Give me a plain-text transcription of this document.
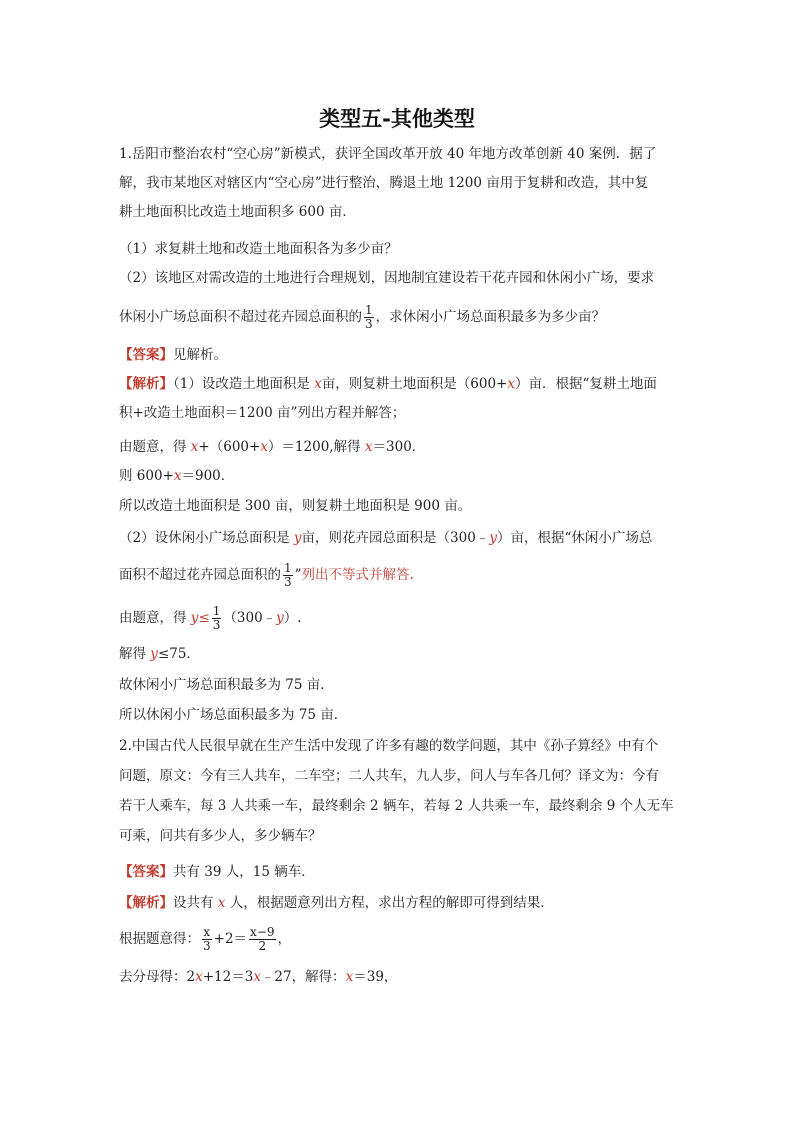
类型五-其他类型
1.岳阳市整治农村“空心房”新模式，获评全国改革开放 40 年地方改革创新 40 案例．据了
解，我市某地区对辖区内“空心房”进行整治，腾退土地 1200 亩用于复耕和改造，其中复
耕土地面积比改造土地面积多 600 亩．
（1）求复耕土地和改造土地面积各为多少亩？
（2）该地区对需改造的土地进行合理规划，因地制宜建设若干花卉园和休闲小广场，要求
休闲小广场总面积不超过花卉园总面积的 $\frac{1}{3}$ ，求休闲小广场总面积最多为多少亩？
【答案】见解析。
【解析】（1）设改造土地面积是 x亩，则复耕土地面积是（600+x）亩．根据“复耕土地面
积+改造土地面积＝1200 亩”列出方程并解答；
由题意，得 x+（600+x）＝1200,解得 x＝300．
则 600+x＝900．
所以改造土地面积是 300 亩，则复耕土地面积是 900 亩。
（2）设休闲小广场总面积是 y亩，则花卉园总面积是（300﹣y）亩，根据“休闲小广场总
面积不超过花卉园总面积的 $\frac{1}{3}$ ”列出不等式并解答.
由题意，得 $y\le \frac{1}{3}$ （300﹣y）.
解得 y≤75．
故休闲小广场总面积最多为 75 亩．
所以休闲小广场总面积最多为 75 亩．
2.中国古代人民很早就在生产生活中发现了许多有趣的数学问题，其中《孙子算经》中有个
问题，原文：今有三人共车，二车空；二人共车，九人步，问人与车各几何？译文为：今有
若干人乘车，每 3 人共乘一车，最终剩余 2 辆车，若每 2 人共乘一车，最终剩余 9 个人无车
可乘，问共有多少人，多少辆车？
【答案】共有 39 人，15 辆车．
【解析】设共有 x 人，根据题意列出方程，求出方程的解即可得到结果．
根据题意得： $\frac{x}{3} +2= \frac{x-9}{2}$ ，
去分母得：2x+12＝3x﹣27，解得：x＝39，
